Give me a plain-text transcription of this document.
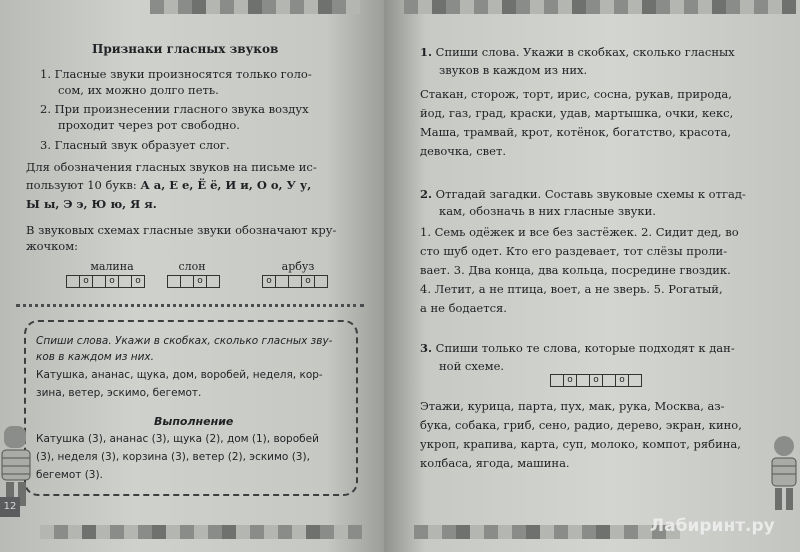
Признаки гласных звуков
1. Гласные звуки произносятся только голо-
сом, их можно долго петь.
2. При произнесении гласного звука воздух
проходит через рот свободно.
3. Гласный звук образует слог.
Для обозначения гласных звуков на письме ис-
пользуют 10 букв: А а, Е е, Ё ё, И и, О о, У у,
Ы ы, Э э, Ю ю, Я я.
В звуковых схемах гласные звуки обозначают кру-
жочком:
малина
о	о	о
слон
о
арбуз
о	о
Спиши слова. Укажи в скобках, сколько гласных зву-
ков в каждом из них.
Катушка, ананас, щука, дом, воробей, неделя, кор-
зина, ветер, эскимо, бегемот.
Выполнение
Катушка (3), ананас (3), щука (2), дом (1), воробей
(3), неделя (3), корзина (3), ветер (2), эскимо (3),
бегемот (3).
12
1. Спиши слова. Укажи в скобках, сколько гласных
звуков в каждом из них.
Стакан, сторож, торт, ирис, сосна, рукав, природа,
йод, газ, град, краски, удав, мартышка, очки, кекс,
Маша, трамвай, крот, котёнок, богатство, красота,
девочка, свет.
2. Отгадай загадки. Составь звуковые схемы к отгад-
кам, обозначь в них гласные звуки.
1. Семь одёжек и все без застёжек. 2. Сидит дед, во
сто шуб одет. Кто его раздевает, тот слёзы проли-
вает. 3. Два конца, два кольца, посредине гвоздик.
4. Летит, а не птица, воет, а не зверь. 5. Рогатый,
а не бодается.
3. Спиши только те слова, которые подходят к дан-
ной схеме.
о	о	о
Этажи, курица, парта, пух, мак, рука, Москва, аз-
бука, собака, гриб, сено, радио, дерево, экран, кино,
укроп, крапива, карта, суп, молоко, компот, рябина,
колбаса, ягода, машина.
Лабиринт.ру
